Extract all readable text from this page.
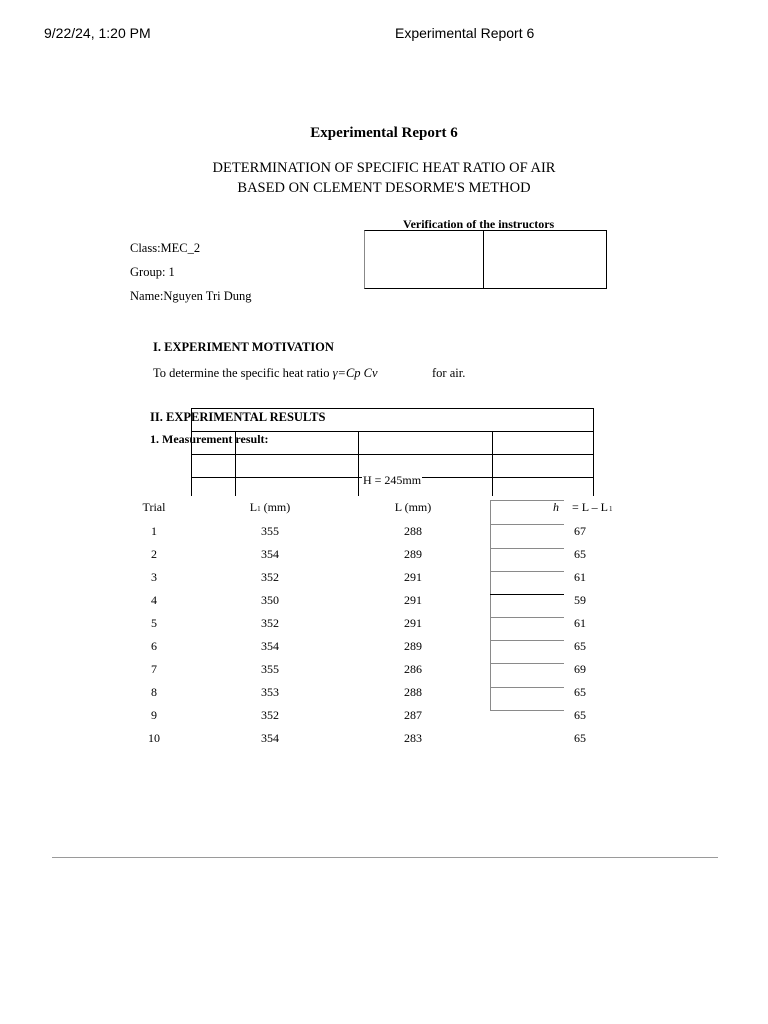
9/22/24, 1:20 PM	Experimental Report 6
Experimental Report 6
DETERMINATION OF SPECIFIC HEAT RATIO OF AIR
BASED ON CLEMENT DESORME'S METHOD
Verification of the instructors
Class:MEC_2
Group: 1
Name:Nguyen Tri Dung
I. EXPERIMENT MOTIVATION
To determine the specific heat ratio γ=Cp Cv	for air.
II. EXPERIMENTAL RESULTS
1. Measurement result:
H = 245mm
Trial	L1 (mm)	L (mm)	h = L – L1
1	355	288	67
2	354	289	65
3	352	291	61
4	350	291	59
5	352	291	61
6	354	289	65
7	355	286	69
8	353	288	65
9	352	287	65
10	354	283	65
